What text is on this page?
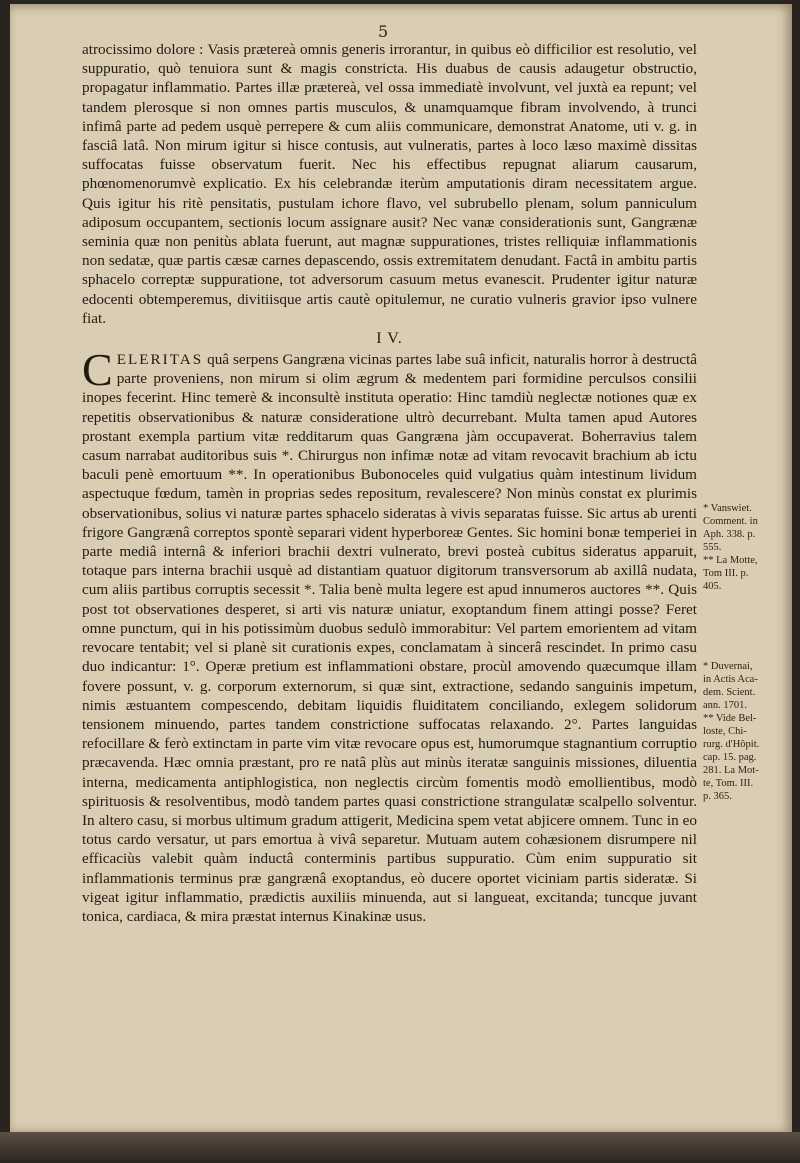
5

atrocissimo dolore : Vasis prætereà omnis generis irrorantur, in quibus eò difficilior est resolutio, vel suppuratio, quò tenuiora sunt & magis constricta. His duabus de causis adaugetur obstructio, propagatur inflammatio. Partes illæ prætereà, vel ossa immediatè involvunt, vel juxtà ea repunt; vel tandem plerosque si non omnes partis musculos, & unamquamque fibram involvendo, à trunci infimâ parte ad pedem usquè perrepere & cum aliis communicare, demonstrat Anatome, uti v. g. in fasciâ latâ. Non mirum igitur si hisce contusis, aut vulneratis, partes à loco læso maximè dissitas suffocatas fuisse observatum fuerit. Nec his effectibus repugnat aliarum causarum, phœnomenorumvè explicatio. Ex his celebrandæ iterùm amputationis diram necessitatem argue. Quis igitur his ritè pensitatis, pustulam ichore flavo, vel subrubello plenam, solum panniculum adiposum occupantem, sectionis locum assignare ausit? Nec vanæ considerationis sunt, Gangrænæ seminia quæ non penitùs ablata fuerunt, aut magnæ suppurationes, tristes relliquiæ inflammationis non sedatæ, quæ partis cæsæ carnes depascendo, ossis extremitatem denudant. Factâ in ambitu partis sphacelo correptæ suppuratione, tot adversorum casuum metus evanescit. Prudenter igitur naturæ edocenti obtemperemus, divitiisque artis cautè opitulemur, ne curatio vulneris gravior ipso vulnere fiat.

I V.

CELERITAS quâ serpens Gangræna vicinas partes labe suâ inficit, naturalis horror à destructâ parte proveniens, non mirum si olim ægrum & medentem pari formidine perculsos consilii inopes fecerint. Hinc temerè & inconsultè instituta operatio: Hinc tamdiù neglectæ notiones quæ ex repetitis observationibus & naturæ consideratione ultrò decurrebant. Multa tamen apud Autores prostant exempla partium vitæ redditarum quas Gangræna jàm occupaverat. Boherravius talem casum narrabat auditoribus suis *. Chirurgus non infimæ notæ ad vitam revocavit brachium ab ictu baculi penè emortuum **. In operationibus Bubonoceles quid vulgatius quàm intestinum lividum aspectuque fœdum, tamèn in proprias sedes repositum, revalescere? Non minùs constat ex plurimis observationibus, solius vi naturæ partes sphacelo sideratas à vivis separatas fuisse. Sic artus ab urenti frigore Gangrænâ correptos spontè separari vident hyperboreæ Gentes. Sic homini bonæ temperiei in parte mediâ internâ & inferiori brachii dextri vulnerato, brevi posteà cubitus sideratus apparuit, totaque pars interna brachii usquè ad distantiam quatuor digitorum transversorum ab axillâ nudata, cum aliis partibus corruptis secessit *. Talia benè multa legere est apud innumeros auctores **. Quis post tot observationes desperet, si arti vis naturæ uniatur, exoptandum finem attingi posse? Feret omne punctum, qui in his potissimùm duobus sedulò immorabitur: Vel partem emorientem ad vitam revocare tentabit; vel si planè sit curationis expes, conclamatam à sincerâ rescindet. In primo casu duo indicantur: 1°. Operæ pretium est inflammationi obstare, procùl amovendo quæcumque illam fovere possunt, v. g. corporum externorum, si quæ sint, extractione, sedando sanguinis impetum, nimis æstuantem compescendo, debitam liquidis fluiditatem conciliando, exlegem solidorum tensionem minuendo, partes tandem constrictione suffocatas relaxando. 2°. Partes languidas refocillare & ferò extinctam in parte vim vitæ revocare opus est, humorumque stagnantium corruptio præcavenda. Hæc omnia præstant, pro re natâ plùs aut minùs iteratæ sanguinis missiones, diluentia interna, medicamenta antiphlogistica, non neglectis circùm fomentis modò emollientibus, modò spirituosis & resolventibus, modò tandem partes quasi constrictione strangulatæ scalpello solventur. In altero casu, si morbus ultimum gradum attigerit, Medicina spem vetat abjicere omnem. Tunc in eo totus cardo versatur, ut pars emortua à vivâ separetur. Mutuam autem cohæsionem disrumpere nil efficaciùs valebit quàm inductâ conterminis partibus suppuratio. Cùm enim suppuratio sit inflammationis terminus præ gangrænâ exoptandus, eò ducere oportet viciniam partis sideratæ. Si vigeat igitur inflammatio, prædictis auxiliis minuenda, aut si langueat, excitanda; tuncque juvant tonica, cardiaca, & mira præstat internus Kinakinæ usus.

* Vanswiet.

Comment. in

Aph. 338. p.

555.

** La Motte,

Tom III. p.

405.

* Duvernai,

in Actis Aca-

dem. Scient.

ann. 1701.

** Vide Bel-

loste, Chi-

rurg. d'Hôpit.

cap. 15. pag.

281. La Mot-

te, Tom. III.

p. 365.
